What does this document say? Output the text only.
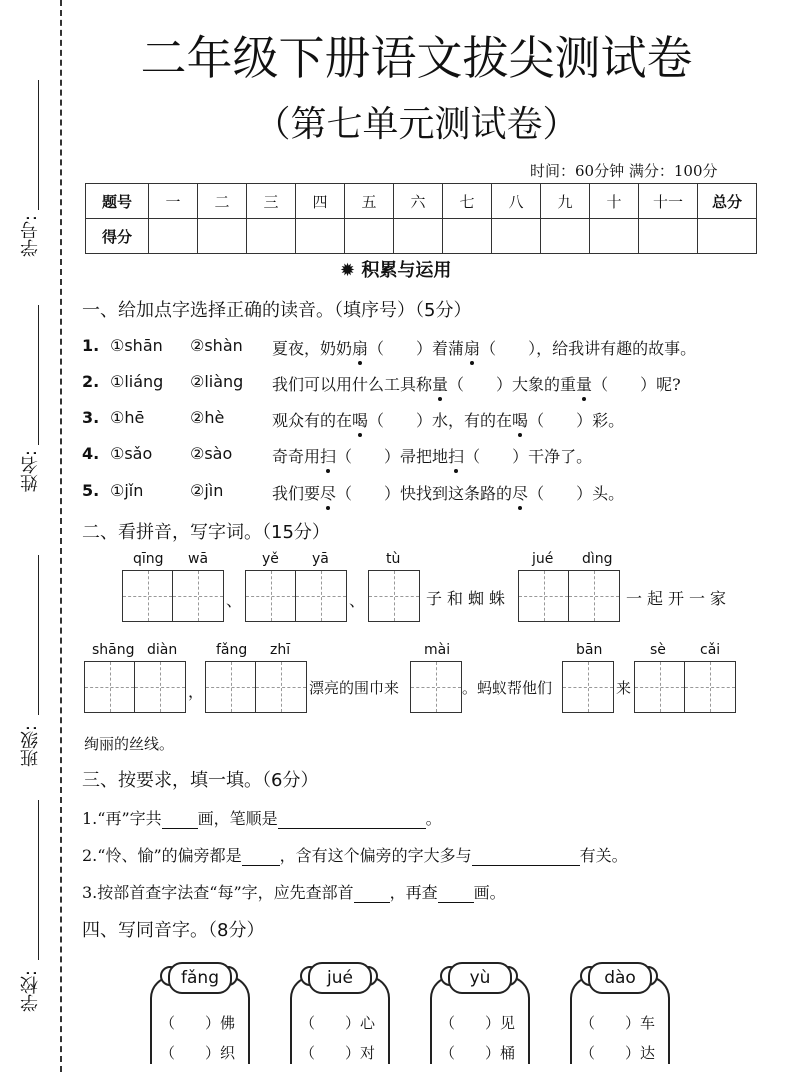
学号:
姓名:
班级:
学校:
二年级下册语文拔尖测试卷
（第七单元测试卷）
时间：60分钟 满分：100分
题号	一	二	三	四	五	六	七	八	九	十	十一	总分
得分												
✹ 积累与运用
一、给加点字选择正确的读音。（填序号）（5分）
1. ①shān ②shàn 夏夜，奶奶扇（　　）着蒲扇（　　），给我讲有趣的故事。
2. ①liáng ②liàng 我们可以用什么工具称量（　　）大象的重量（　　）呢?
3. ①hē	②hè	观众有的在喝（　　）水，有的在喝（　　）彩。
4. ①sǎo ②sào 奇奇用扫（　　）帚把地扫（　　）干净了。
5. ①jǐn	②jìn	我们要尽（　　）快找到这条路的尽（　　）头。
二、看拼音，写字词。（15分）
qīng wā	yě yā	tù	jué dìng
、	、	子和蜘蛛	一起开一家
shāng diàn	fǎng zhī	mài	bān	sè cǎi
，	漂亮的围巾来	。蚂蚁帮他们	来
绚丽的丝线。
三、按要求，填一填。（6分）
1.“再”字共 画，笔顺是	。
2.“怜、愉”的偏旁都是 ，含有这个偏旁的字大多与	有关。
3.按部首查字法查“每”字，应先查部首 ，再查 画。
四、写同音字。（8分）
fǎng
（　　）佛
（　　）织
jué
（　　）心
（　　）对
yù
（　　）见
（　　）桶
dào
（　　）车
（　　）达
